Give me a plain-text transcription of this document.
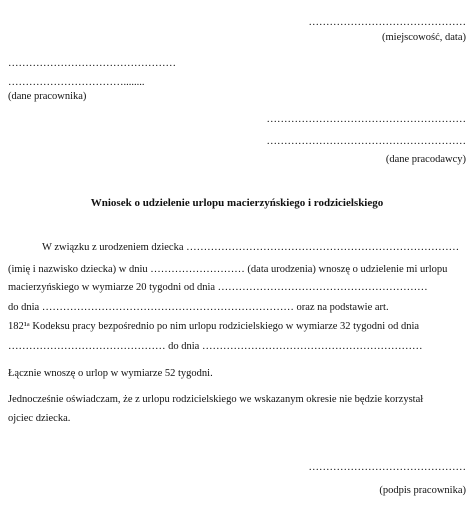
………………………………………
(miejscowość, data)
…………………………………………
……………………………........
(dane pracownika)
…………………………………………………
…………………………………………………
(dane pracodawcy)
Wniosek o udzielenie urlopu macierzyńskiego i rodzicielskiego
W związku z urodzeniem dziecka ……………………………………………………………………
(imię i nazwisko dziecka) w dniu ……………………… (data urodzenia) wnoszę o udzielenie mi urlopu
macierzyńskiego w wymiarze 20 tygodni od dnia ……………………………………………………
do dnia ……………………………………………………………… oraz na podstawie art.
182¹ᵃ Kodeksu pracy bezpośrednio po nim urlopu rodzicielskiego w wymiarze 32 tygodni od dnia
……………………………………… do dnia ………………………………………………………
Łącznie wnoszę o urlop w wymiarze 52 tygodni.
Jednocześnie oświadczam, że z urlopu rodzicielskiego we wskazanym okresie nie będzie korzystał
ojciec dziecka.
………………………………………
(podpis pracownika)
